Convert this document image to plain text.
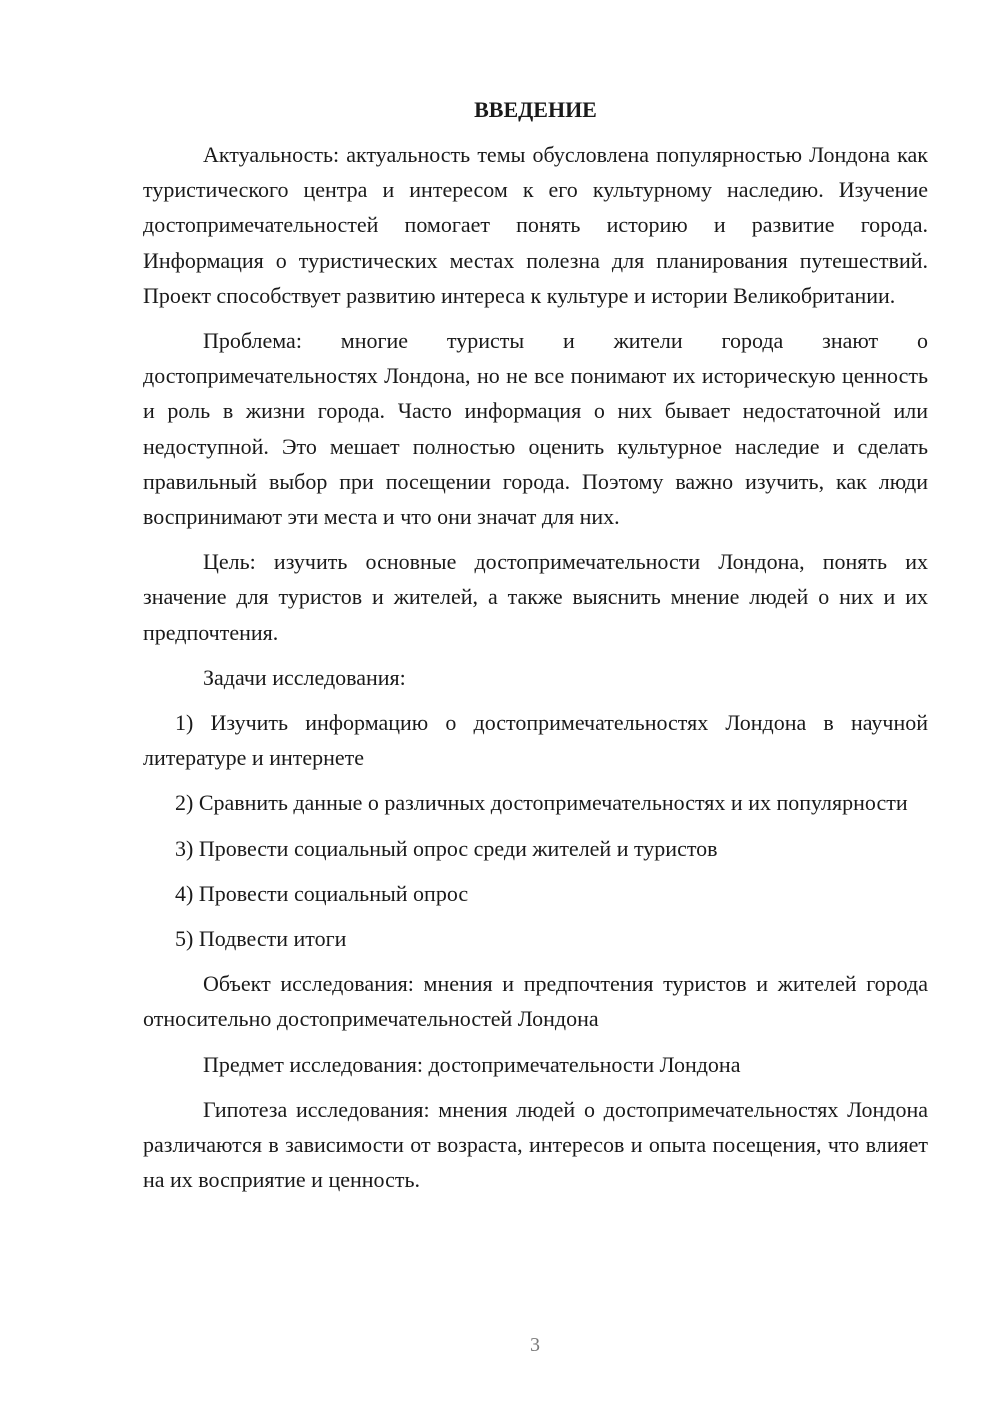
ВВЕДЕНИЕ

Актуальность: актуальность темы обусловлена популярностью Лондона как туристического центра и интересом к его культурному наследию. Изучение достопримечательностей помогает понять историю и развитие города. Информация о туристических местах полезна для планирования путешествий. Проект способствует развитию интереса к культуре и истории Великобритании.

Проблема: многие туристы и жители города знают о достопримечательностях Лондона, но не все понимают их историческую ценность и роль в жизни города. Часто информация о них бывает недостаточной или недоступной. Это мешает полностью оценить культурное наследие и сделать правильный выбор при посещении города. Поэтому важно изучить, как люди воспринимают эти места и что они значат для них.

Цель: изучить основные достопримечательности Лондона, понять их значение для туристов и жителей, а также выяснить мнение людей о них и их предпочтения.

Задачи исследования:

1) Изучить информацию о достопримечательностях Лондона в научной литературе и интернете

2) Сравнить данные о различных достопримечательностях и их популярности

3) Провести социальный опрос среди жителей и туристов

4) Провести социальный опрос

5) Подвести итоги

Объект исследования: мнения и предпочтения туристов и жителей города относительно достопримечательностей Лондона

Предмет исследования: достопримечательности Лондона

Гипотеза исследования: мнения людей о достопримечательностях Лондона различаются в зависимости от возраста, интересов и опыта посещения, что влияет на их восприятие и ценность.

3
